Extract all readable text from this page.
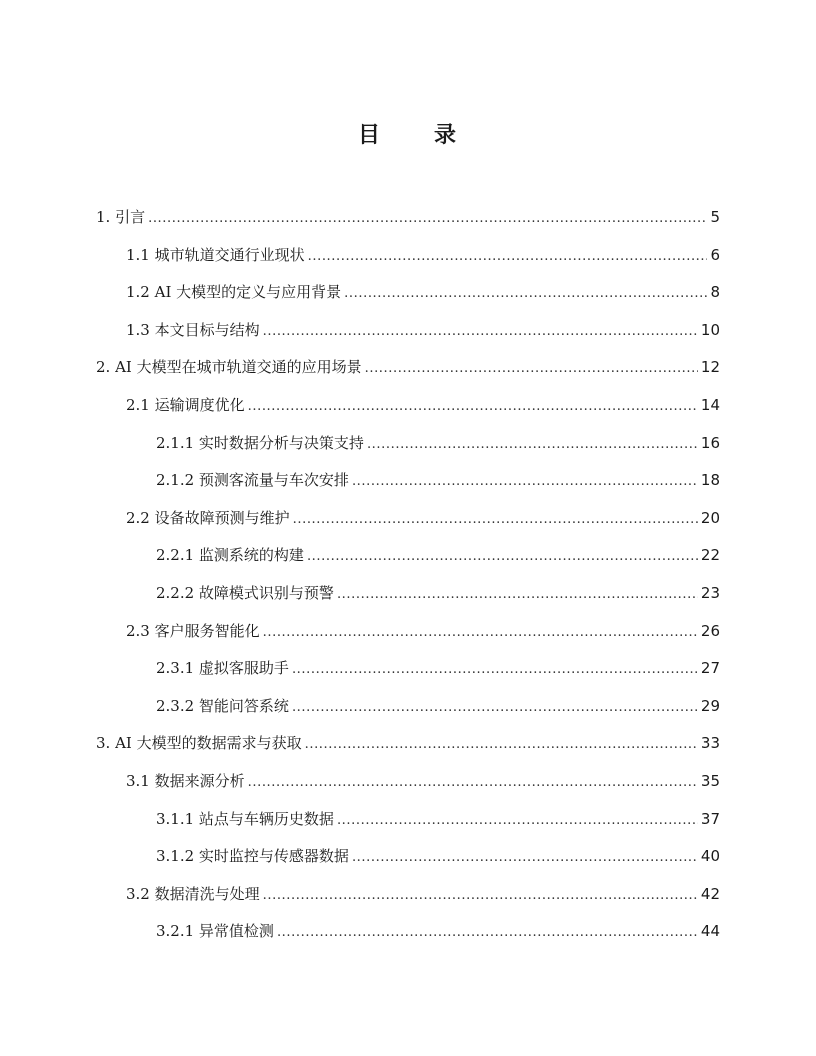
目 录
1. 引言 .....	5
1.1 城市轨道交通行业现状 .....	6
1.2 AI 大模型的定义与应用背景 .....	8
1.3 本文目标与结构 .....	10
2. AI 大模型在城市轨道交通的应用场景 .....	12
2.1 运输调度优化 .....	14
2.1.1 实时数据分析与决策支持 .....	16
2.1.2 预测客流量与车次安排 .....	18
2.2 设备故障预测与维护 .....	20
2.2.1 监测系统的构建 .....	22
2.2.2 故障模式识别与预警 .....	23
2.3 客户服务智能化 .....	26
2.3.1 虚拟客服助手 .....	27
2.3.2 智能问答系统 .....	29
3. AI 大模型的数据需求与获取 .....	33
3.1 数据来源分析 .....	35
3.1.1 站点与车辆历史数据 .....	37
3.1.2 实时监控与传感器数据 .....	40
3.2 数据清洗与处理 .....	42
3.2.1 异常值检测 .....	44
